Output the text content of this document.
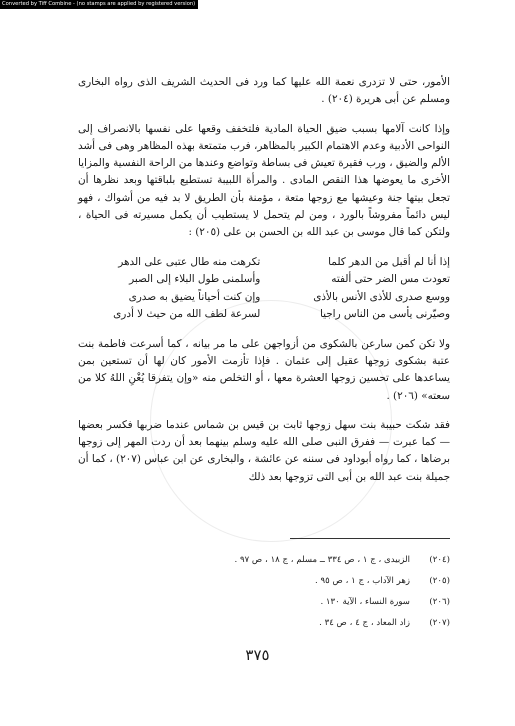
Converted by Tiff Combine - (no stamps are applied by registered version)

الأمور، حتى لا تزدرى نعمة الله عليها كما ورد فى الحديث الشريف الذى رواه البخارى ومسلم عن أبى هريرة (٢٠٤) .

وإذا كانت آلامها بسبب ضيق الحياة المادية فلتخفف وقعها على نفسها بالانصراف إلى النواحى الأدبية وعدم الاهتمام الكبير بالمظاهر، فرب متمتعة بهذه المظاهر وهى فى أشد الألم والضيق ، ورب فقيرة تعيش فى بساطة وتواضع وعندها من الراحة النفسية والمزايا الأخرى ما يعوضها هذا النقص المادى . والمرأة اللبيبة تستطيع بلباقتها وبعد نظرها أن تجعل بيتها جنة وعيشها مع زوجها متعة ، مؤمنة بأن الطريق لا بد فيه من أشواك ، فهو ليس دائماً مفروشاً بالورد ، ومن لم يتحمل لا يستطيب أن يكمل مسيرته فى الحياة ، ولتكن كما قال موسى بن عبد الله بن الحسن بن على (٢٠٥) :

إذا أنا لم أقبل من الدهر كلما
تكرهت منه طال عتبى على الدهر
تعودت مس الضر حتى ألفته
وأسلمنى طول البلاء إلى الصبر
ووسع صدرى للأذى الأنس بالأذى
وإن كنت أحياناً يضيق به صدرى
وصيّرنى يأسى من الناس راجيا
لسرعة لطف الله من حيث لا أدرى

ولا تكن كمن سارعن بالشكوى من أزواجهن على ما مر بيانه ، كما أسرعت فاطمة بنت عتبة بشكوى زوجها عقيل إلى عثمان . فإذا تأزمت الأمور كان لها أن تستعين بمن يساعدها على تحسين زوجها العشرة معها ، أو التخلص منه «وإن يتفرقا يُغْنِ اللهُ كلا من سعته» (٢٠٦) .

فقد شكت حبيبة بنت سهل زوجها ثابت بن قيس بن شماس عندما ضربها فكسر بعضها — كما عبرت — ففرق النبى صلى الله عليه وسلم بينهما بعد أن ردت المهر إلى زوجها برضاها ، كما رواه أبوداود فى سننه عن عائشة ، والبخارى عن ابن عباس (٢٠٧) ، كما أن جميلة بنت عبد الله بن أبى التى تزوجها بعد ذلك

(٢٠٤)
الزبيدى ، ج ١ ، ص ٣٣٤ ــ مسلم ، ج ١٨ ، ص ٩٧ .
(٢٠٥)
زهر الآداب ، ج ١ ، ص ٩٥ .
(٢٠٦)
سورة النساء ، الآية ١٣٠ .
(٢٠٧)
زاد المعاد ، ج ٤ ، ص ٣٤ .
٣٧٥
